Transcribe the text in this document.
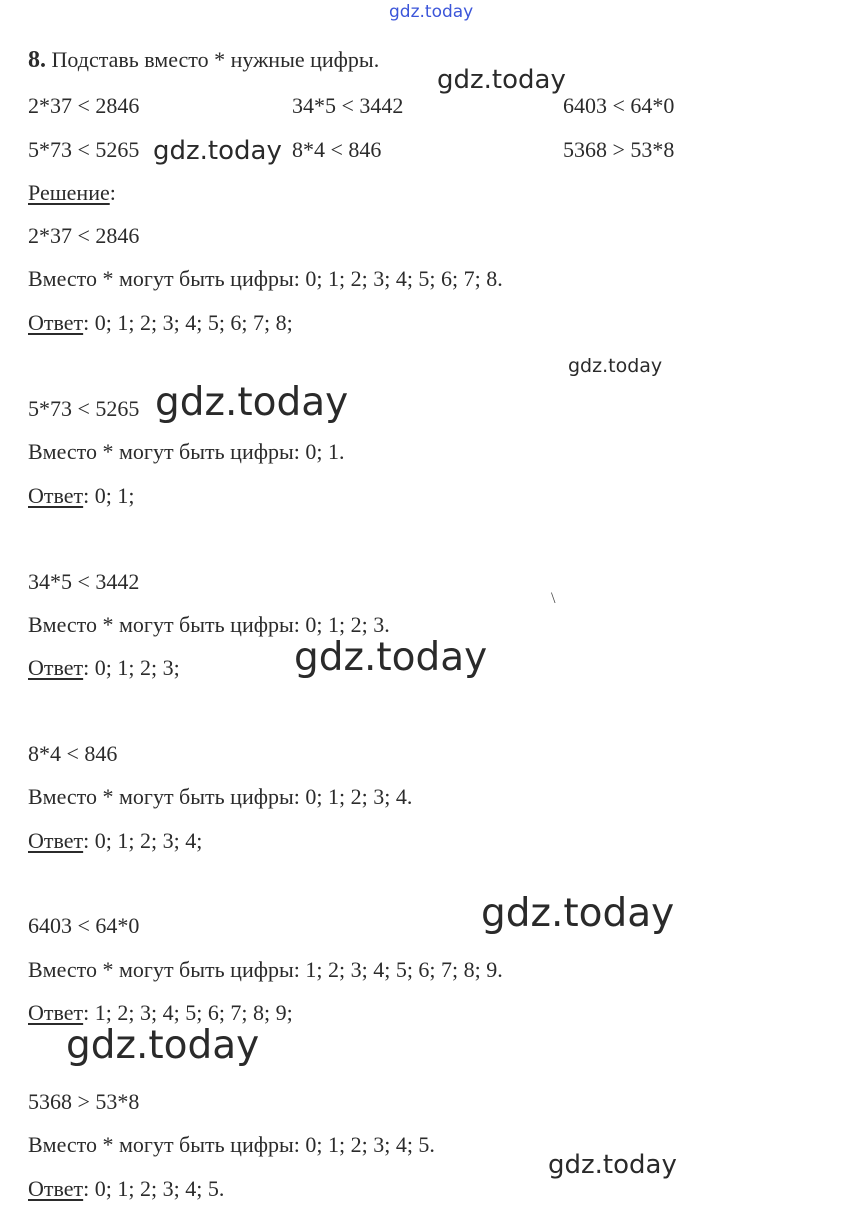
gdz.today
gdz.today
gdz.today
gdz.today
gdz.today
gdz.today
gdz.today
gdz.today
gdz.today
8. Подставь вместо * нужные цифры.
2*37 < 2846	34*5 < 3442	6403 < 64*0
5*73 < 5265	8*4 < 846	5368 > 53*8
Решение:
2*37 < 2846
Вместо * могут быть цифры: 0; 1; 2; 3; 4; 5; 6; 7; 8.
Ответ: 0; 1; 2; 3; 4; 5; 6; 7; 8;
5*73 < 5265
Вместо * могут быть цифры: 0; 1.
Ответ: 0; 1;
34*5 < 3442
Вместо * могут быть цифры: 0; 1; 2; 3.
Ответ: 0; 1; 2; 3;
\
8*4 < 846
Вместо * могут быть цифры: 0; 1; 2; 3; 4.
Ответ: 0; 1; 2; 3; 4;
6403 < 64*0
Вместо * могут быть цифры: 1; 2; 3; 4; 5; 6; 7; 8; 9.
Ответ: 1; 2; 3; 4; 5; 6; 7; 8; 9;
5368 > 53*8
Вместо * могут быть цифры: 0; 1; 2; 3; 4; 5.
Ответ: 0; 1; 2; 3; 4; 5.
